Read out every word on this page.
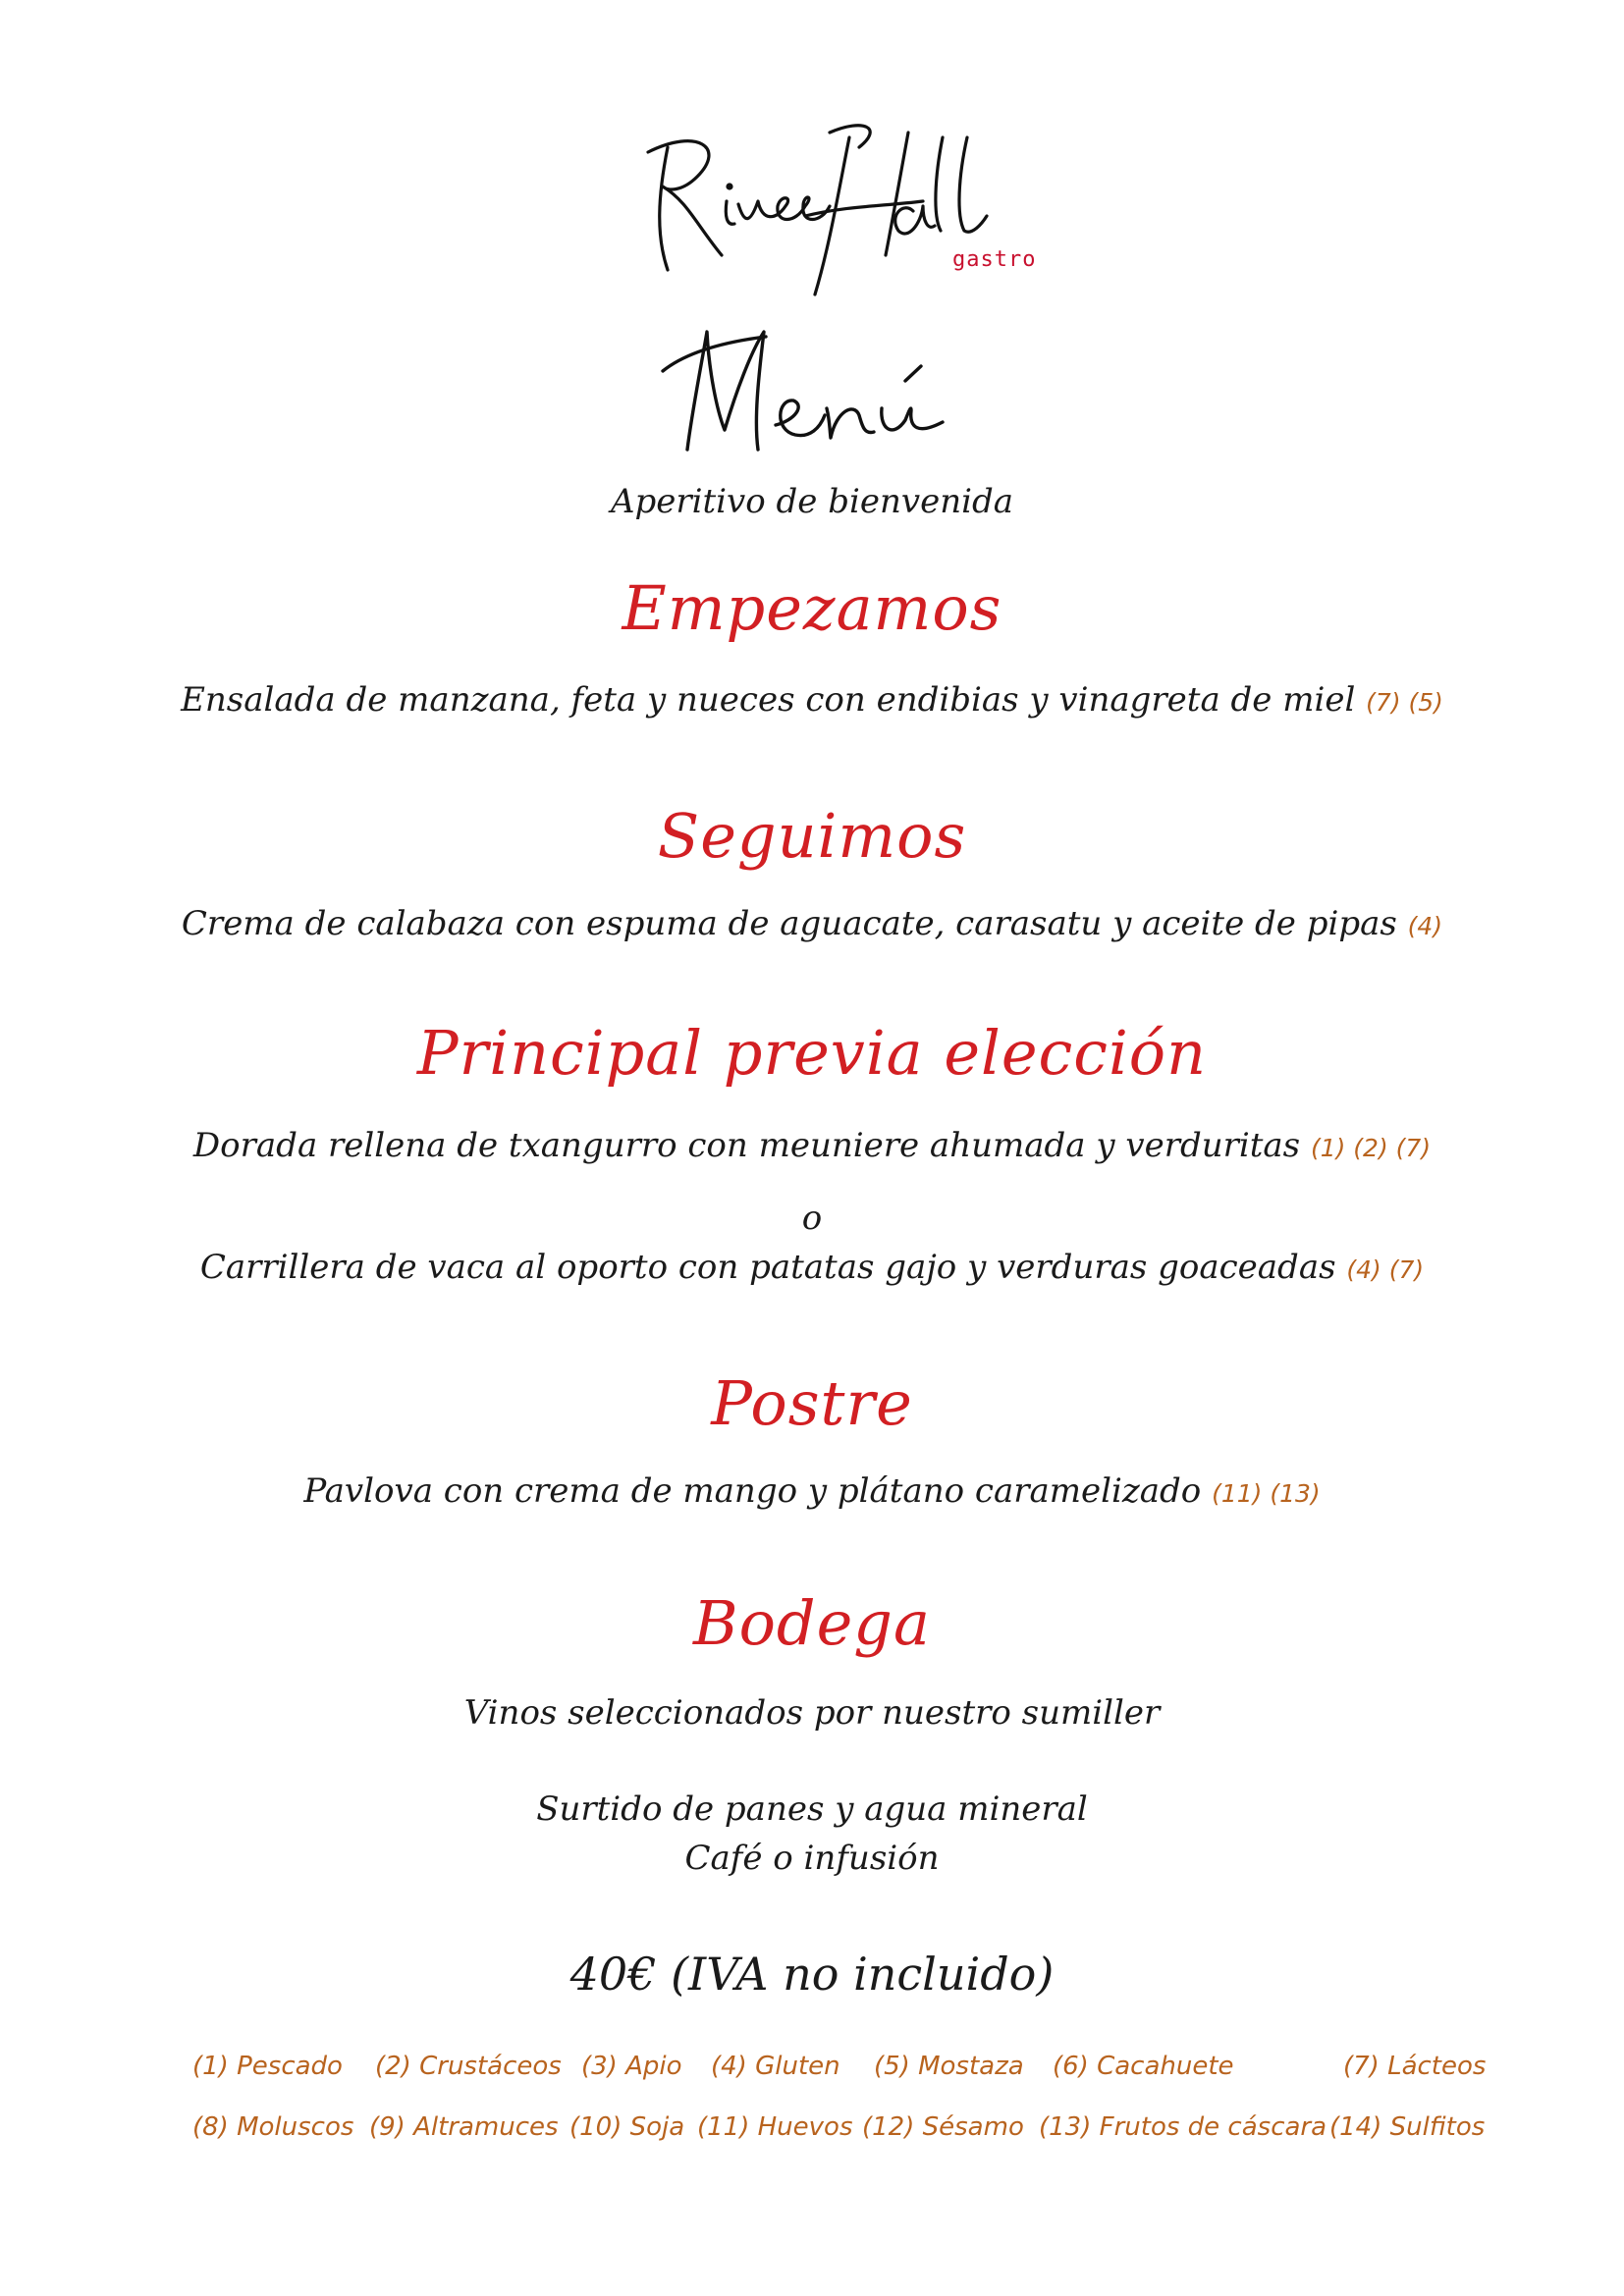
gastro
Aperitivo de bienvenida
Empezamos
Ensalada de manzana, feta y nueces con endibias y vinagreta de miel (7) (5)
Seguimos
Crema de calabaza con espuma de aguacate, carasatu y aceite de pipas (4)
Principal previa elección
Dorada rellena de txangurro con meuniere ahumada y verduritas (1) (2) (7)
o
Carrillera de vaca al oporto con patatas gajo y verduras goaceadas (4) (7)
Postre
Pavlova con crema de mango y plátano caramelizado (11) (13)
Bodega
Vinos seleccionados por nuestro sumiller
Surtido de panes y agua mineral
Café o infusión
40€ (IVA no incluido)
(1) Pescado (2) Crustáceos (3) Apio (4) Gluten (5) Mostaza (6) Cacahuete	(7) Lácteos
(8) Moluscos (9) Altramuces (10) Soja (11) Huevos (12) Sésamo (13) Frutos de cáscara (14) Sulfitos
